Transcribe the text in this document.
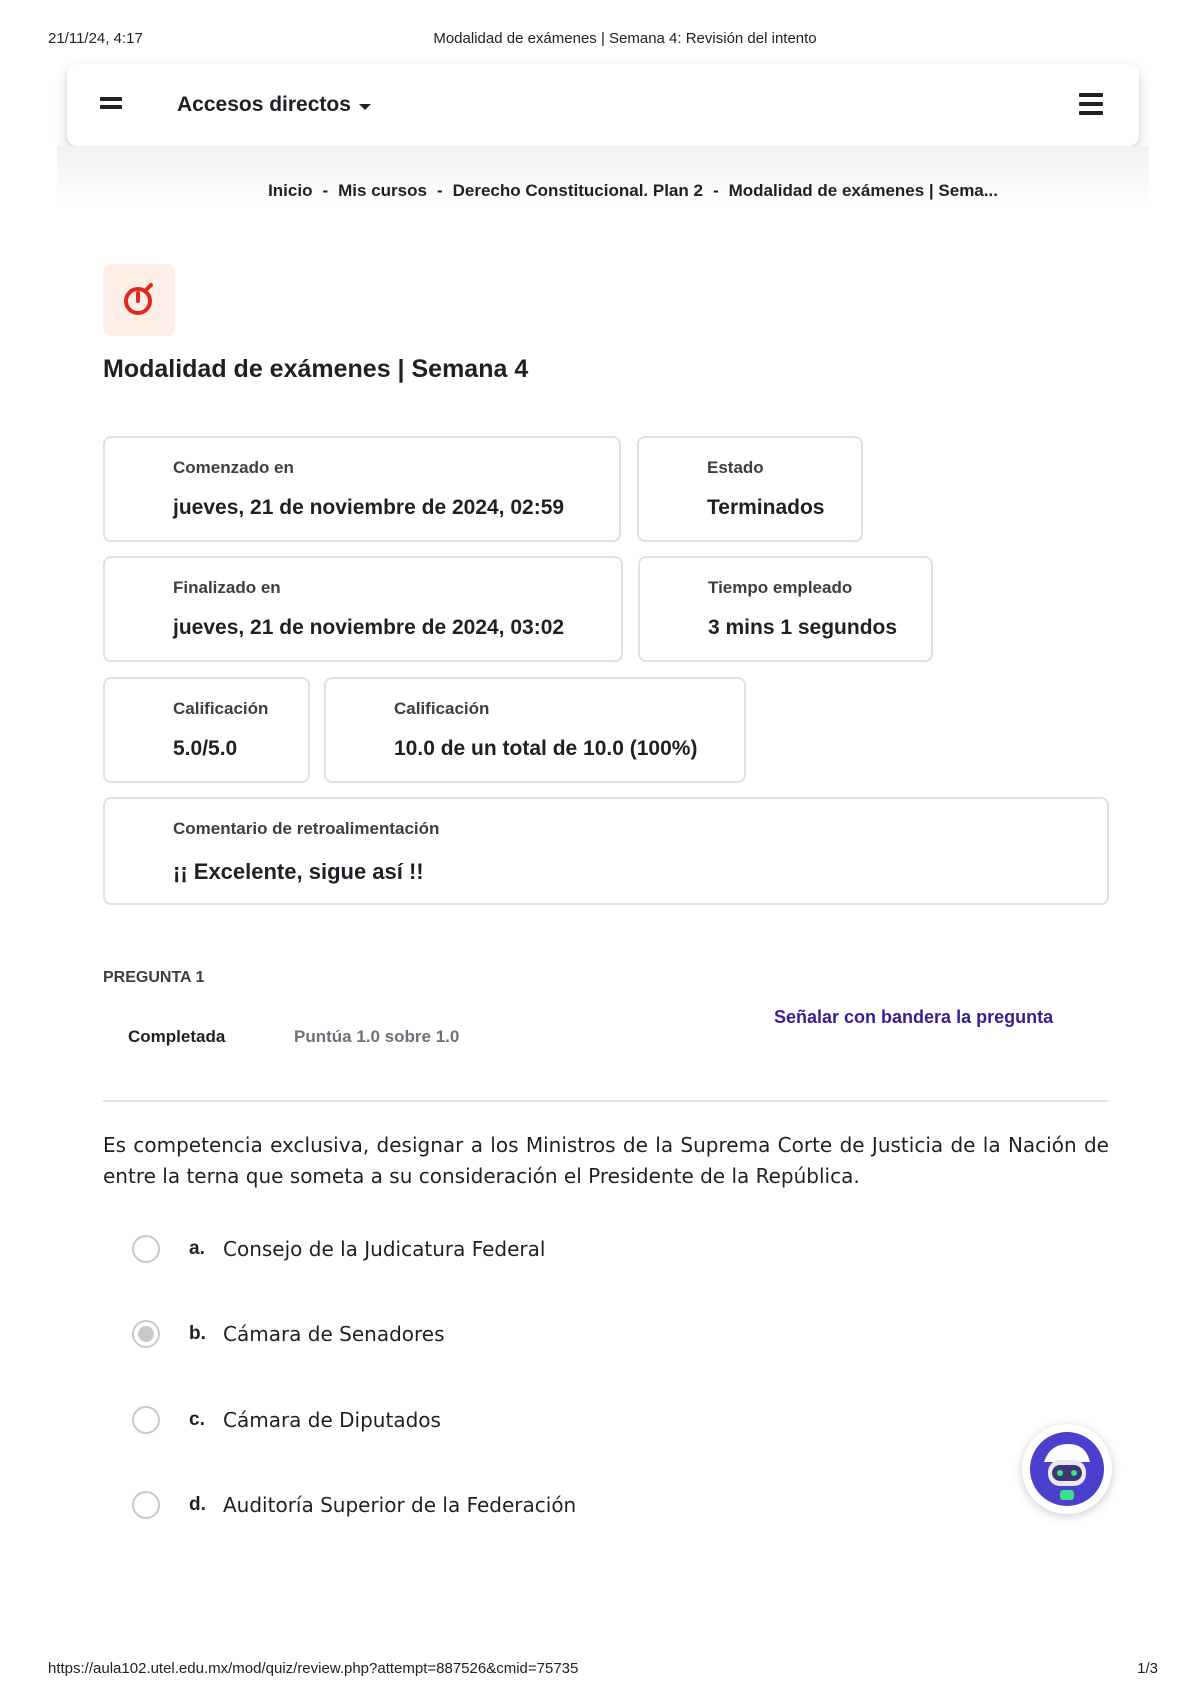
21/11/24, 4:17	Modalidad de exámenes | Semana 4: Revisión del intento
Accesos directos
Inicio - Mis cursos - Derecho Constitucional. Plan 2 - Modalidad de exámenes | Sema...
Modalidad de exámenes | Semana 4
Comenzado en
jueves, 21 de noviembre de 2024, 02:59
Estado
Terminados
Finalizado en
jueves, 21 de noviembre de 2024, 03:02
Tiempo empleado
3 mins 1 segundos
Calificación
5.0/5.0
Calificación
10.0 de un total de 10.0 (100%)
Comentario de retroalimentación
¡¡ Excelente, sigue así !!
PREGUNTA 1
Completada	Puntúa 1.0 sobre 1.0
Señalar con bandera la pregunta
Es competencia exclusiva, designar a los Ministros de la Suprema Corte de Justicia de la Nación de entre la terna que someta a su consideración el Presidente de la República.
a. Consejo de la Judicatura Federal
b. Cámara de Senadores
c. Cámara de Diputados
d. Auditoría Superior de la Federación
https://aula102.utel.edu.mx/mod/quiz/review.php?attempt=887526&cmid=75735	1/3
